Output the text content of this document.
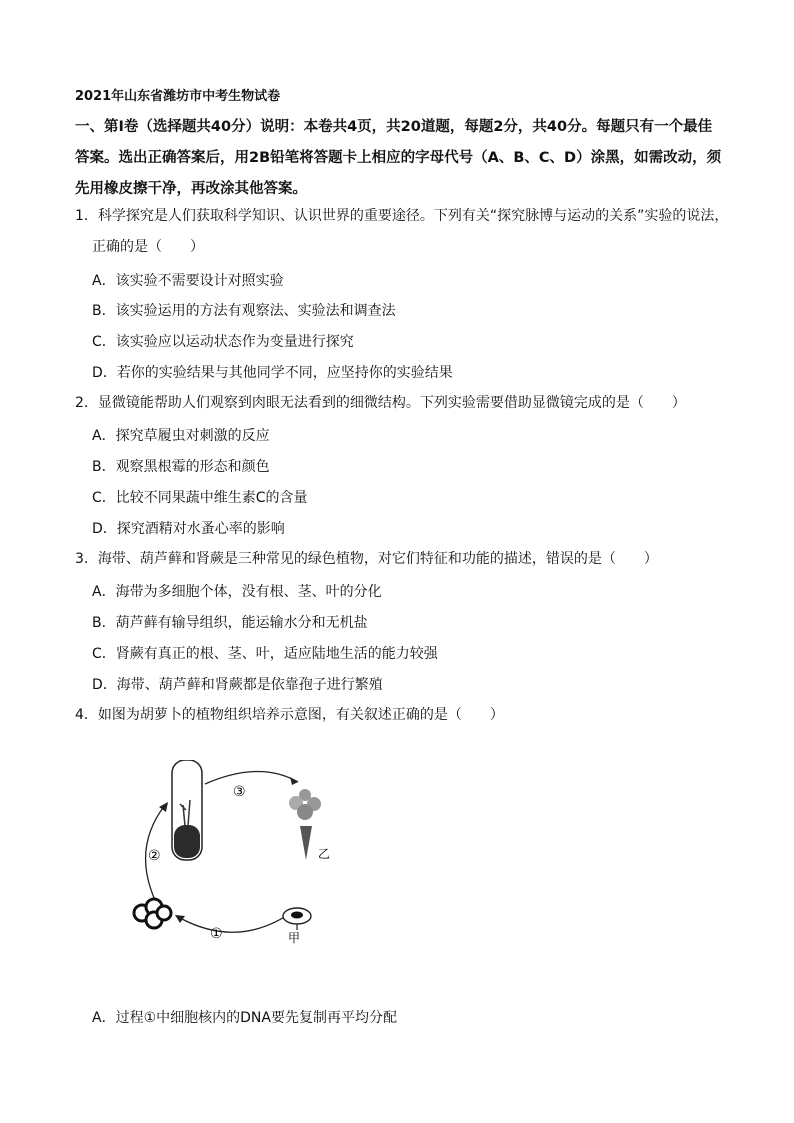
2021年山东省潍坊市中考生物试卷
一、第Ⅰ卷（选择题共40分）说明：本卷共4页，共20道题，每题2分，共40分。每题只有一个最佳答案。选出正确答案后，用2B铅笔将答题卡上相应的字母代号（A、B、C、D）涂黑，如需改动，须先用橡皮擦干净，再改涂其他答案。
1．科学探究是人们获取科学知识、认识世界的重要途径。下列有关“探究脉博与运动的关系”实验的说法，
正确的是（　　）
A．该实验不需要设计对照实验
B．该实验运用的方法有观察法、实验法和调查法
C．该实验应以运动状态作为变量进行探究
D．若你的实验结果与其他同学不同，应坚持你的实验结果
2．显微镜能帮助人们观察到肉眼无法看到的细微结构。下列实验需要借助显微镜完成的是（　　）
A．探究草履虫对刺激的反应
B．观察黑根霉的形态和颜色
C．比较不同果蔬中维生素C的含量
D．探究酒精对水蚤心率的影响
3．海带、葫芦藓和肾蕨是三种常见的绿色植物，对它们特征和功能的描述，错误的是（　　）
A．海带为多细胞个体，没有根、茎、叶的分化
B．葫芦藓有输导组织，能运输水分和无机盐
C．肾蕨有真正的根、茎、叶，适应陆地生活的能力较强
D．海带、葫芦藓和肾蕨都是依靠孢子进行繁殖
4．如图为胡萝卜的植物组织培养示意图，有关叙述正确的是（　　）
③
②
①	甲
乙
A．过程①中细胞核内的DNA要先复制再平均分配
